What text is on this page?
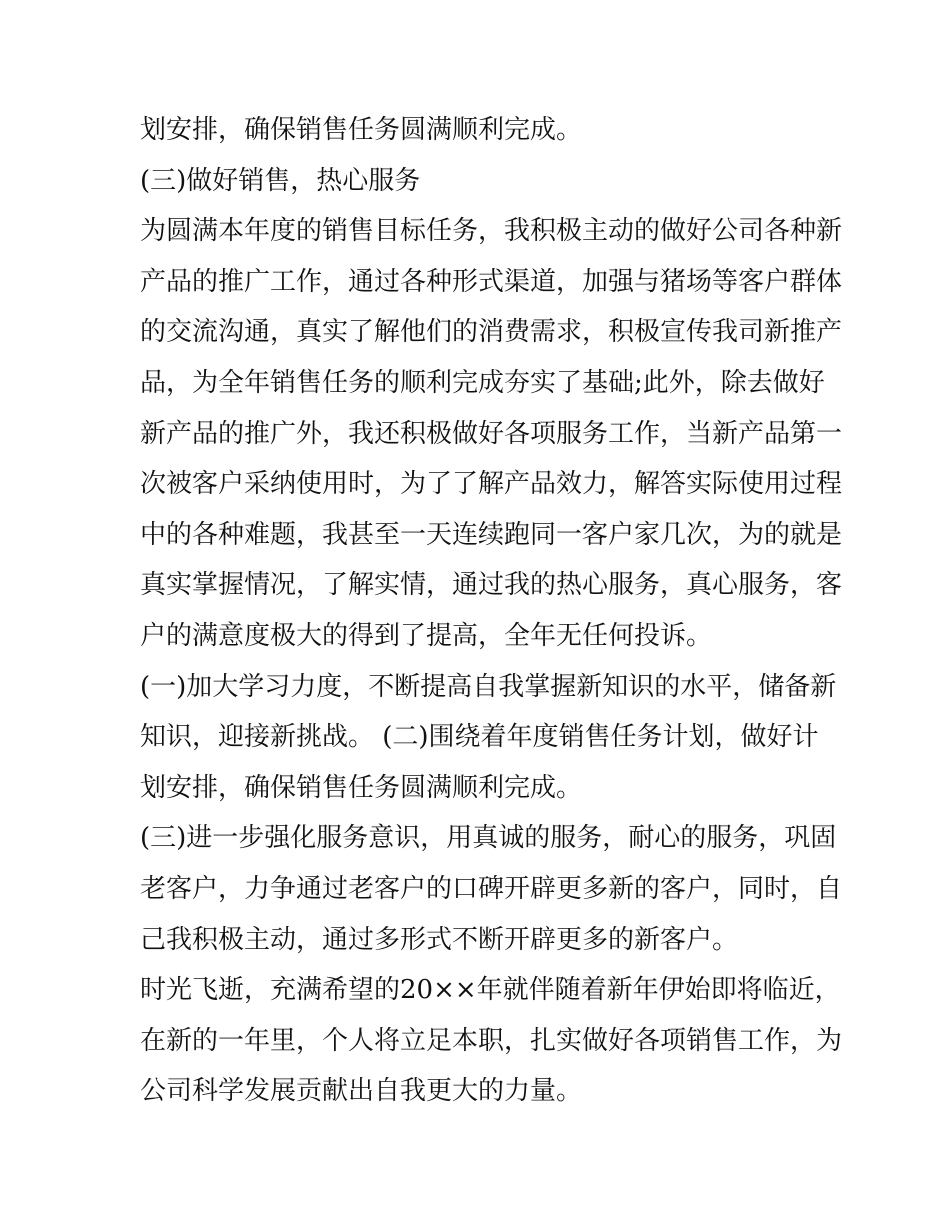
划安排，确保销售任务圆满顺利完成。
(三)做好销售，热心服务
为圆满本年度的销售目标任务，我积极主动的做好公司各种新
产品的推广工作，通过各种形式渠道，加强与猪场等客户群体
的交流沟通，真实了解他们的消费需求，积极宣传我司新推产
品，为全年销售任务的顺利完成夯实了基础;此外，除去做好
新产品的推广外，我还积极做好各项服务工作，当新产品第一
次被客户采纳使用时，为了了解产品效力，解答实际使用过程
中的各种难题，我甚至一天连续跑同一客户家几次，为的就是
真实掌握情况，了解实情，通过我的热心服务，真心服务，客
户的满意度极大的得到了提高，全年无任何投诉。
(一)加大学习力度，不断提高自我掌握新知识的水平，储备新
知识，迎接新挑战。 (二)围绕着年度销售任务计划，做好计
划安排，确保销售任务圆满顺利完成。
(三)进一步强化服务意识，用真诚的服务，耐心的服务，巩固
老客户，力争通过老客户的口碑开辟更多新的客户，同时，自
己我积极主动，通过多形式不断开辟更多的新客户。
时光飞逝，充满希望的20××年就伴随着新年伊始即将临近，
在新的一年里，个人将立足本职，扎实做好各项销售工作，为
公司科学发展贡献出自我更大的力量。
